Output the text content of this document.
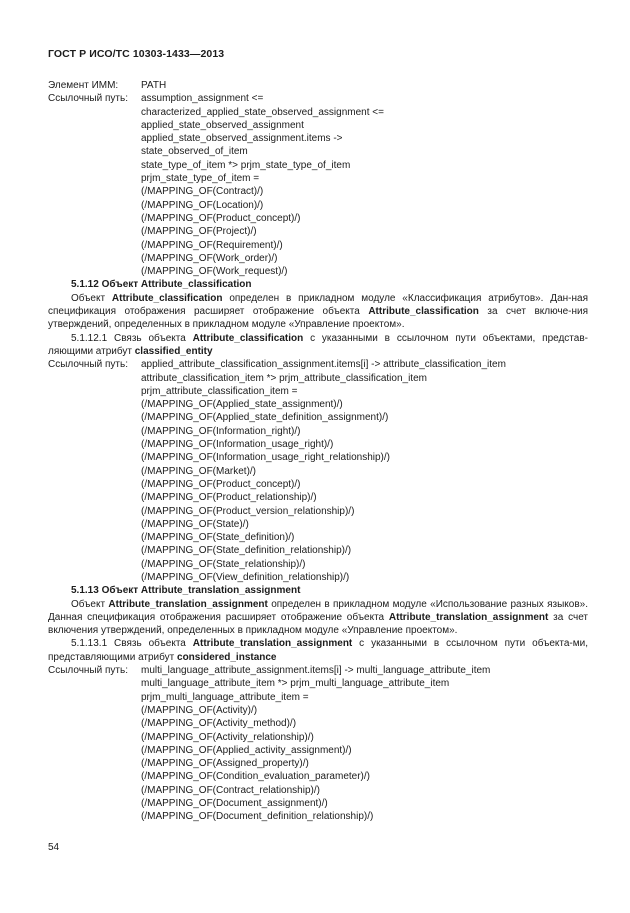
ГОСТ Р ИСО/ТС 10303-1433—2013
Элемент ИММ:	PATH
Ссылочный путь:	assumption_assignment <=
characterized_applied_state_observed_assignment <=
applied_state_observed_assignment
applied_state_observed_assignment.items ->
state_observed_of_item
state_type_of_item *> prjm_state_type_of_item
prjm_state_type_of_item =
(/MAPPING_OF(Contract)/)
(/MAPPING_OF(Location)/)
(/MAPPING_OF(Product_concept)/)
(/MAPPING_OF(Project)/)
(/MAPPING_OF(Requirement)/)
(/MAPPING_OF(Work_order)/)
(/MAPPING_OF(Work_request)/)
5.1.12 Объект Attribute_classification

Объект Attribute_classification определен в прикладном модуле «Классификация атрибутов». Дан-ная спецификация отображения расширяет отображение объекта Attribute_classification за счет включе-ния утверждений, определенных в прикладном модуле «Управление проектом».

5.1.12.1 Связь объекта Attribute_classification с указанными в ссылочном пути объектами, представ-ляющими атрибут classified_entity

Ссылочный путь:	applied_attribute_classification_assignment.items[i] -> attribute_classification_item
attribute_classification_item *> prjm_attribute_classification_item
prjm_attribute_classification_item =
(/MAPPING_OF(Applied_state_assignment)/)
(/MAPPING_OF(Applied_state_definition_assignment)/)
(/MAPPING_OF(Information_right)/)
(/MAPPING_OF(Information_usage_right)/)
(/MAPPING_OF(Information_usage_right_relationship)/)
(/MAPPING_OF(Market)/)
(/MAPPING_OF(Product_concept)/)
(/MAPPING_OF(Product_relationship)/)
(/MAPPING_OF(Product_version_relationship)/)
(/MAPPING_OF(State)/)
(/MAPPING_OF(State_definition)/)
(/MAPPING_OF(State_definition_relationship)/)
(/MAPPING_OF(State_relationship)/)
(/MAPPING_OF(View_definition_relationship)/)
5.1.13 Объект Attribute_translation_assignment

Объект Attribute_translation_assignment определен в прикладном модуле «Использование разных языков». Данная спецификация отображения расширяет отображение объекта Attribute_translation_assignment за счет включения утверждений, определенных в прикладном модуле «Управление проектом».

5.1.13.1 Связь объекта Attribute_translation_assignment с указанными в ссылочном пути объекта-ми, представляющими атрибут considered_instance

Ссылочный путь:	multi_language_attribute_assignment.items[i] -> multi_language_attribute_item
multi_language_attribute_item *> prjm_multi_language_attribute_item
prjm_multi_language_attribute_item =
(/MAPPING_OF(Activity)/)
(/MAPPING_OF(Activity_method)/)
(/MAPPING_OF(Activity_relationship)/)
(/MAPPING_OF(Applied_activity_assignment)/)
(/MAPPING_OF(Assigned_property)/)
(/MAPPING_OF(Condition_evaluation_parameter)/)
(/MAPPING_OF(Contract_relationship)/)
(/MAPPING_OF(Document_assignment)/)
(/MAPPING_OF(Document_definition_relationship)/)
54
